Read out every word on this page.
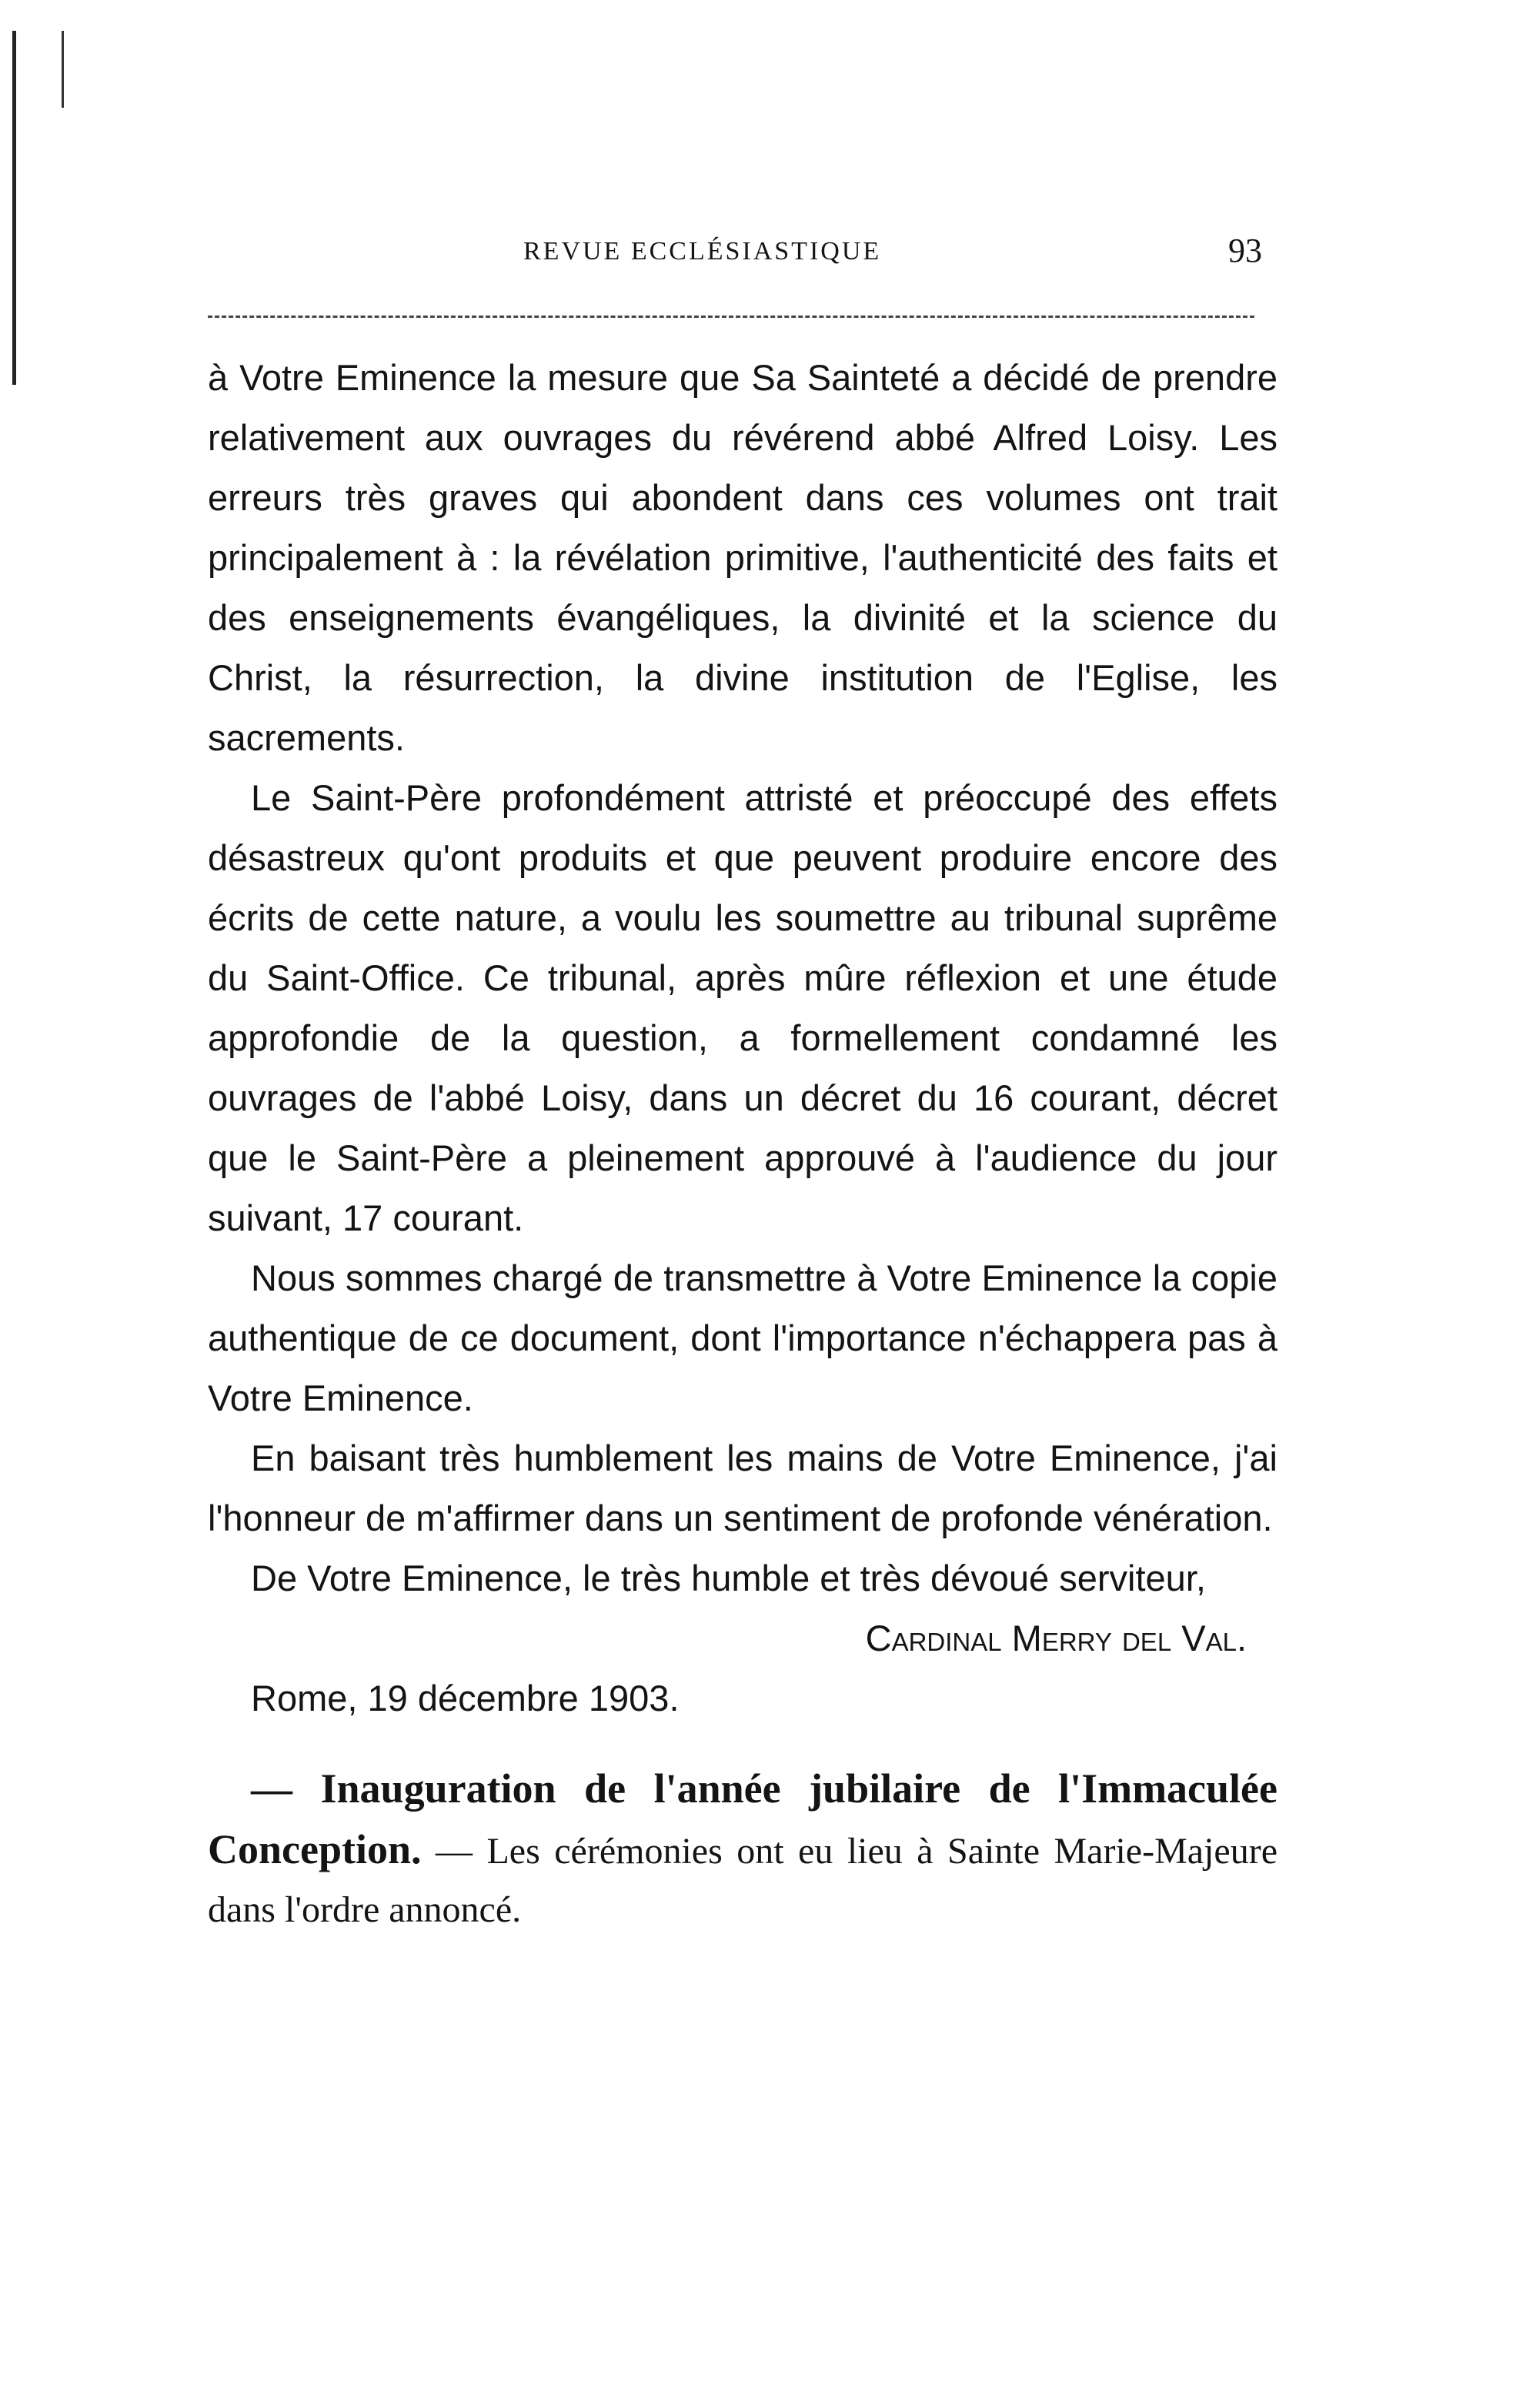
REVUE ECCLÉSIASTIQUE	93

à Votre Eminence la mesure que Sa Sainteté a décidé de prendre relativement aux ouvrages du révérend abbé Alfred Loisy. Les erreurs très graves qui abondent dans ces volumes ont trait principalement à : la révélation primitive, l'authenticité des faits et des enseignements évangéliques, la divinité et la science du Christ, la résurrection, la divine institution de l'Eglise, les sacrements.

Le Saint-Père profondément attristé et préoccupé des effets désastreux qu'ont produits et que peuvent produire encore des écrits de cette nature, a voulu les soumettre au tribunal suprême du Saint-Office. Ce tribunal, après mûre réflexion et une étude approfondie de la question, a formellement condamné les ouvrages de l'abbé Loisy, dans un décret du 16 courant, décret que le Saint-Père a pleinement approuvé à l'audience du jour suivant, 17 courant.

Nous sommes chargé de transmettre à Votre Eminence la copie authentique de ce document, dont l'importance n'échappera pas à Votre Eminence.

En baisant très humblement les mains de Votre Eminence, j'ai l'honneur de m'affirmer dans un sentiment de profonde vénération.

De Votre Eminence, le très humble et très dévoué serviteur,

Cardinal Merry del Val.

Rome, 19 décembre 1903.

— Inauguration de l'année jubilaire de l'Immaculée Conception. — Les cérémonies ont eu lieu à Sainte Marie-Majeure dans l'ordre annoncé.
